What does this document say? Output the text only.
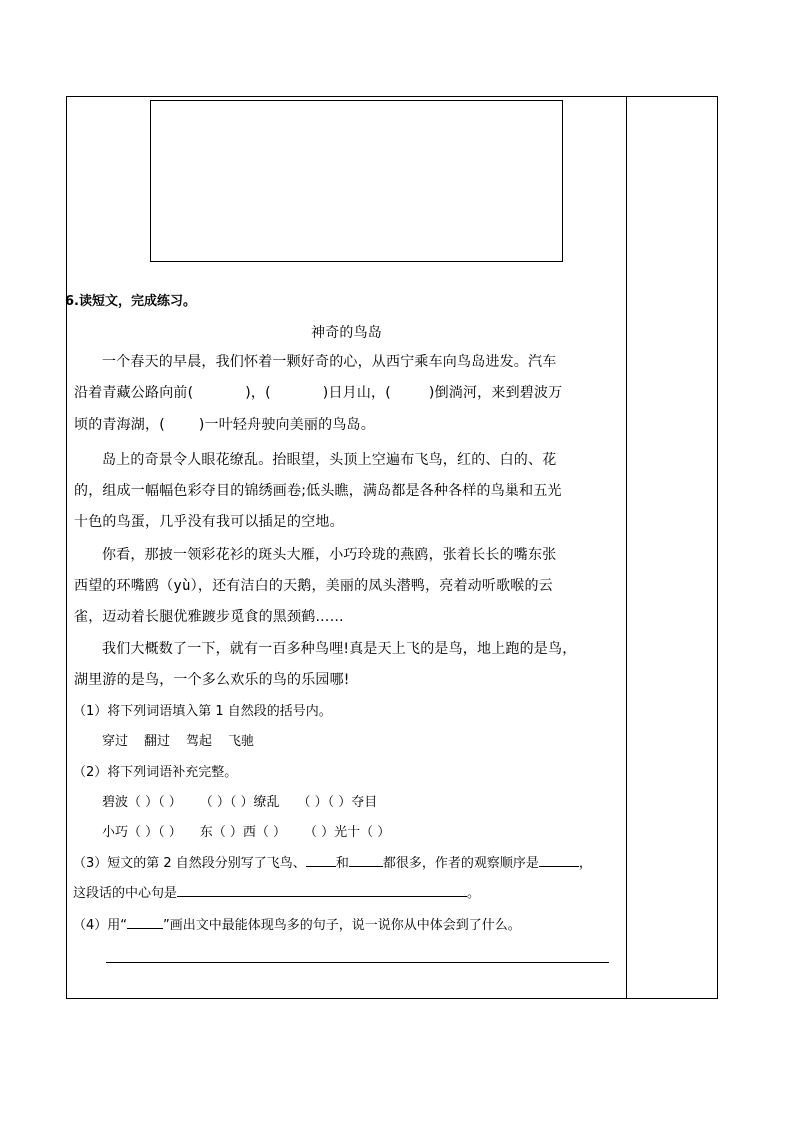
6.读短文，完成练习。
神奇的鸟岛
一个春天的早晨，我们怀着一颗好奇的心，从西宁乘车向鸟岛进发。汽车
沿着青藏公路向前(	)，(	)日月山，(	)倒淌河，来到碧波万
顷的青海湖，( )一叶轻舟驶向美丽的鸟岛。
岛上的奇景令人眼花缭乱。抬眼望，头顶上空遍布飞鸟，红的、白的、花
的，组成一幅幅色彩夺目的锦绣画卷;低头瞧，满岛都是各种各样的鸟巢和五光
十色的鸟蛋，几乎没有我可以插足的空地。
你看，那披一领彩花衫的斑头大雁，小巧玲珑的燕鸥，张着长长的嘴东张
西望的环嘴鸥（yù），还有洁白的天鹅，美丽的凤头潜鸭，亮着动听歌喉的云
雀，迈动着长腿优雅踱步觅食的黑颈鹤……
我们大概数了一下，就有一百多种鸟哩!真是天上飞的是鸟，地上跑的是鸟，
湖里游的是鸟，一个多么欢乐的鸟的乐园哪!
（1）将下列词语填入第 1 自然段的括号内。
穿过 翻过 驾起 飞驰
（2）将下列词语补充完整。
碧波（ ）（ ） （ ）（ ）缭乱 （ ）（ ）夺目
小巧（ ）（ ） 东（ ）西（ ） （ ）光十（ ）
（3）短文的第 2 自然段分别写了飞鸟、 和	都很多，作者的观察顺序是	，
这段话的中心句是	。
（4）用“	”画出文中最能体现鸟多的句子，说一说你从中体会到了什么。
